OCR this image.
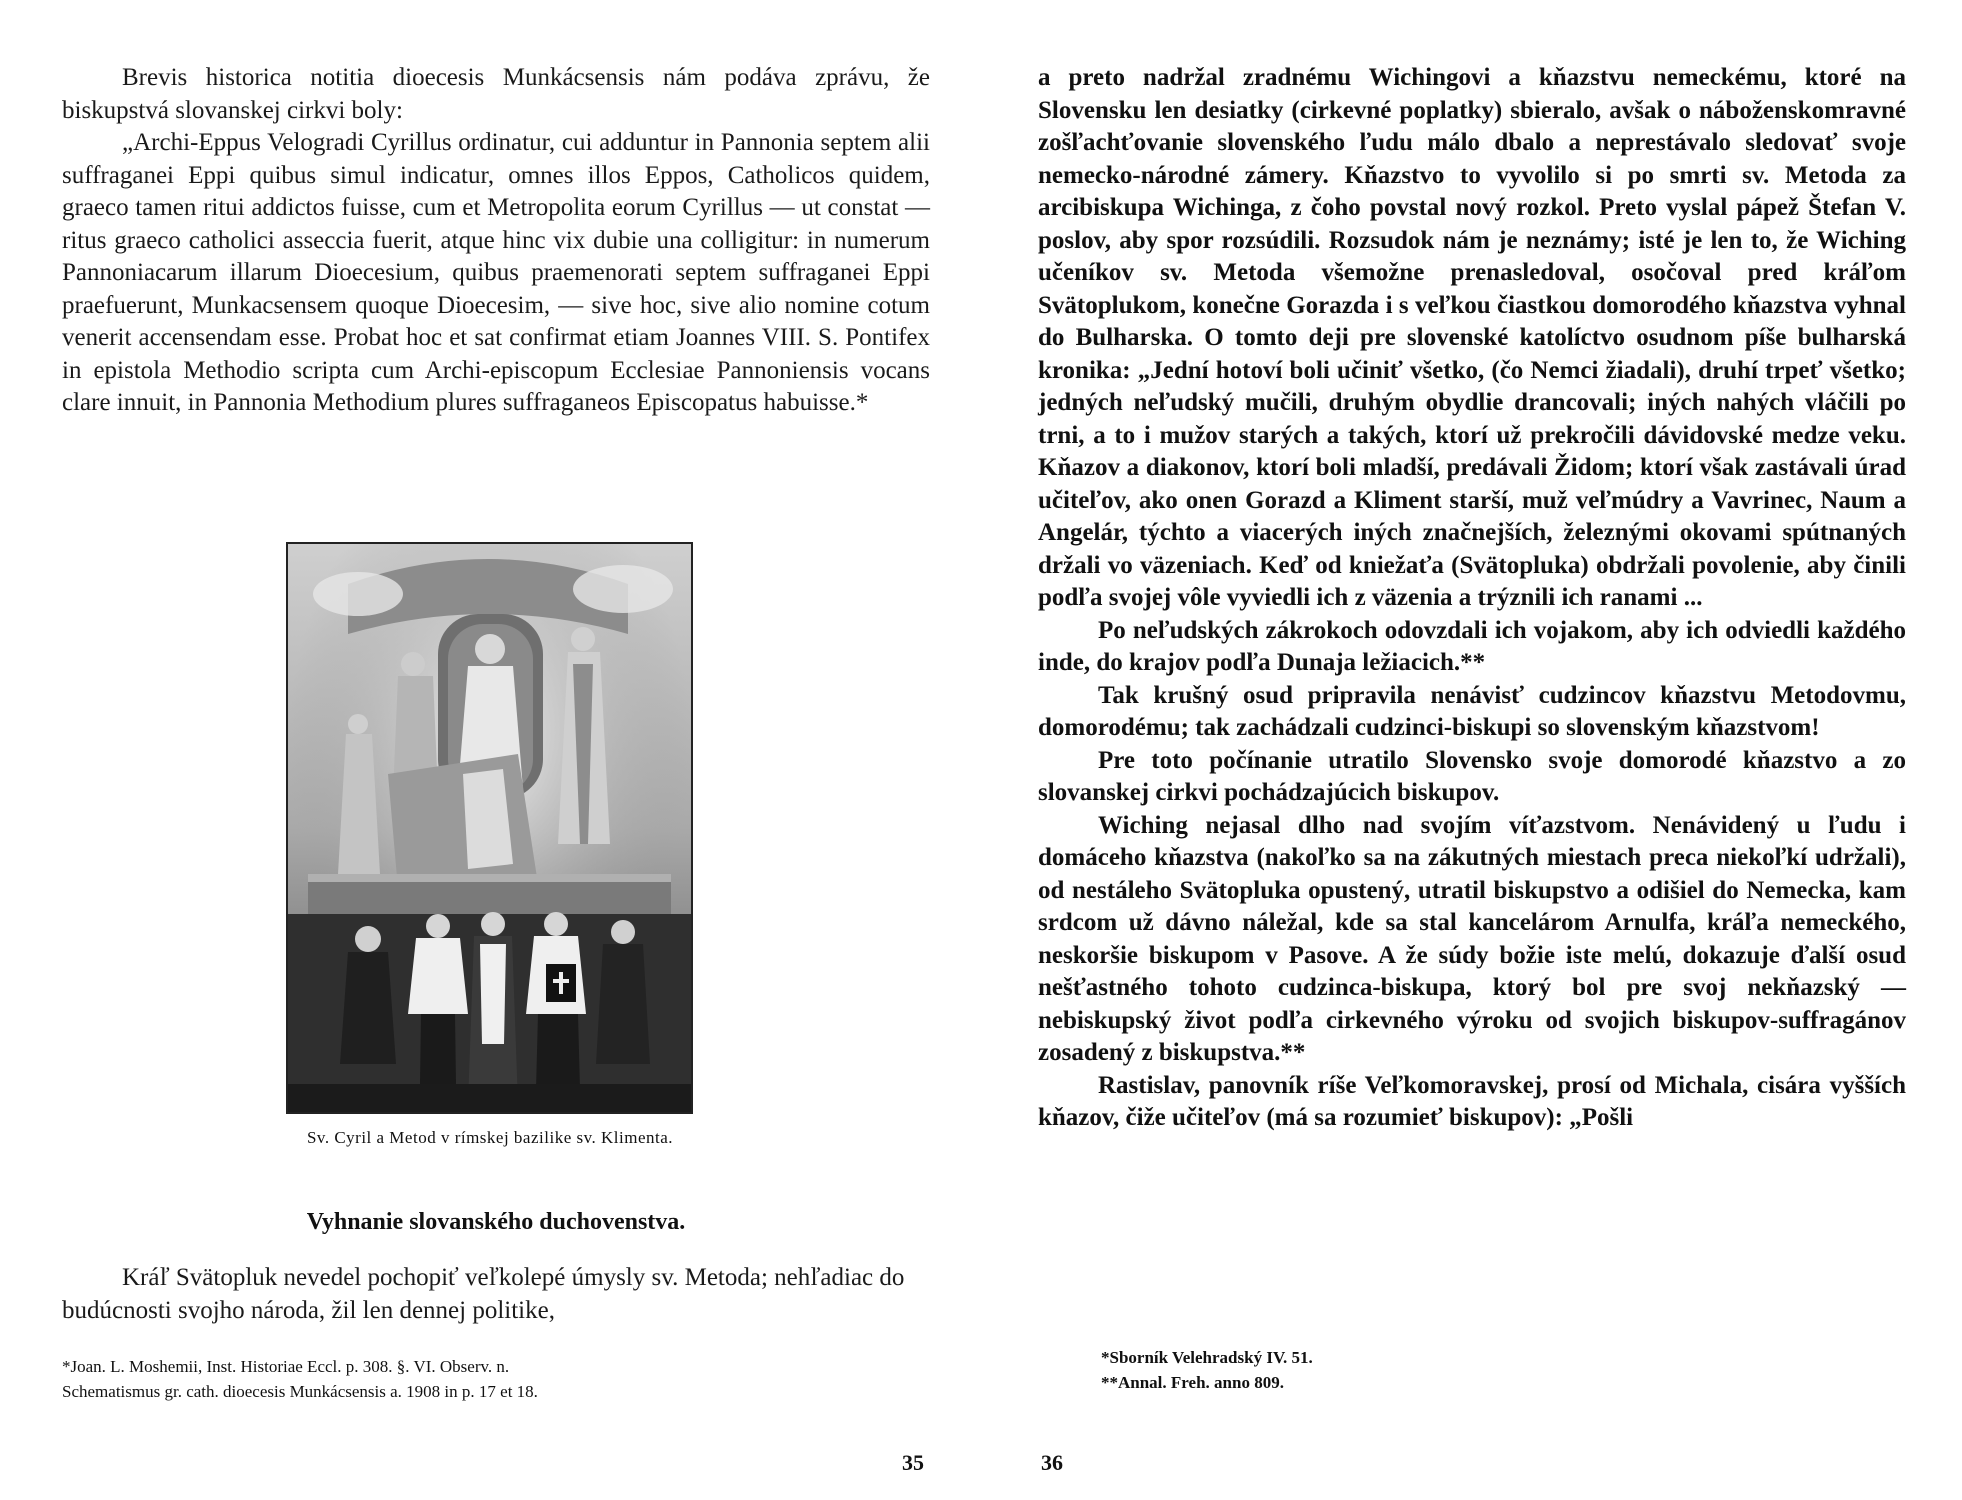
Brevis historica notitia dioecesis Munkácsensis nám podáva zprávu, že biskupstvá slovanskej cirkvi boly:

„Archi-Eppus Velogradi Cyrillus ordinatur, cui adduntur in Pannonia septem alii suffraganei Eppi quibus simul indicatur, omnes illos Eppos, Catholicos quidem, graeco tamen ritui addictos fuisse, cum et Metropolita eorum Cyrillus — ut constat — ritus graeco catholici asseccia fuerit, atque hinc vix dubie una colligitur: in numerum Pannoniacarum illarum Dioecesium, quibus praemenorati septem suffraganei Eppi praefuerunt, Munkacsensem quoque Dioecesim, — sive hoc, sive alio nomine cotum venerit accensendam esse. Probat hoc et sat confirmat etiam Joannes VIII. S. Pontifex in epistola Methodio scripta cum Archi-episcopum Ecclesiae Pannoniensis vocans clare innuit, in Pannonia Methodium plures suffraganeos Episcopatus habuisse.*

Sv. Cyril a Metod v rímskej bazilike sv. Klimenta.
Vyhnanie slovanského duchovenstva.

Kráľ Svätopluk nevedel pochopiť veľkolepé úmysly sv. Metoda; nehľadiac do budúcnosti svojho národa, žil len dennej politike,

*Joan. L. Moshemii, Inst. Historiae Eccl. p. 308. §. VI. Observ. n.
Schematismus gr. cath. dioecesis Munkácsensis a. 1908 in p. 17 et 18.
35

a preto nadržal zradnému Wichingovi a kňazstvu nemeckému, ktoré na Slovensku len desiatky (cirkevné poplatky) sbieralo, avšak o náboženskomravné zošľachťovanie slovenského ľudu málo dbalo a neprestávalo sledovať svoje nemecko-národné zámery. Kňazstvo to vyvolilo si po smrti sv. Metoda za arcibiskupa Wichinga, z čoho povstal nový rozkol. Preto vyslal pápež Štefan V. poslov, aby spor rozsúdili. Rozsudok nám je neznámy; isté je len to, že Wiching učeníkov sv. Metoda všemožne prenasledoval, osočoval pred kráľom Svätoplukom, konečne Gorazda i s veľkou čiastkou domorodého kňazstva vyhnal do Bulharska. O tomto deji pre slovenské katolíctvo osudnom píše bulharská kronika: „Jední hotoví boli učiniť všetko, (čo Nemci žiadali), druhí trpeť všetko; jedných neľudský mučili, druhým obydlie drancovali; iných nahých vláčili po trni, a to i mužov starých a takých, ktorí už prekročili dávidovské medze veku. Kňazov a diakonov, ktorí boli mladší, predávali Židom; ktorí však zastávali úrad učiteľov, ako onen Gorazd a Kliment starší, muž veľmúdry a Vavrinec, Naum a Angelár, týchto a viacerých iných značnejších, železnými okovami spútnaných držali vo väzeniach. Keď od kniežaťa (Svätopluka) obdržali povolenie, aby činili podľa svojej vôle vyviedli ich z väzenia a trýznili ich ranami ...

Po neľudských zákrokoch odovzdali ich vojakom, aby ich odviedli každého inde, do krajov podľa Dunaja ležiacich.**

Tak krušný osud pripravila nenávisť cudzincov kňazstvu Metodovmu, domorodému; tak zachádzali cudzinci-biskupi so slovenským kňazstvom!

Pre toto počínanie utratilo Slovensko svoje domorodé kňazstvo a zo slovanskej cirkvi pochádzajúcich biskupov.

Wiching nejasal dlho nad svojím víťazstvom. Nenávidený u ľudu i domáceho kňazstva (nakoľko sa na zákutných miestach preca niekoľkí udržali), od nestáleho Svätopluka opustený, utratil biskupstvo a odišiel do Nemecka, kam srdcom už dávno náležal, kde sa stal kancelárom Arnulfa, kráľa nemeckého, neskoršie biskupom v Pasove. A že súdy božie iste melú, dokazuje ďalší osud nešťastného tohoto cudzinca-biskupa, ktorý bol pre svoj nekňazský — nebiskupský život podľa cirkevného výroku od svojich biskupov-suffragánov zosadený z biskupstva.**

Rastislav, panovník ríše Veľkomoravskej, prosí od Michala, cisára vyšších kňazov, čiže učiteľov (má sa rozumieť biskupov): „Pošli

*Sborník Velehradský IV. 51.
**Annal. Freh. anno 809.
36
